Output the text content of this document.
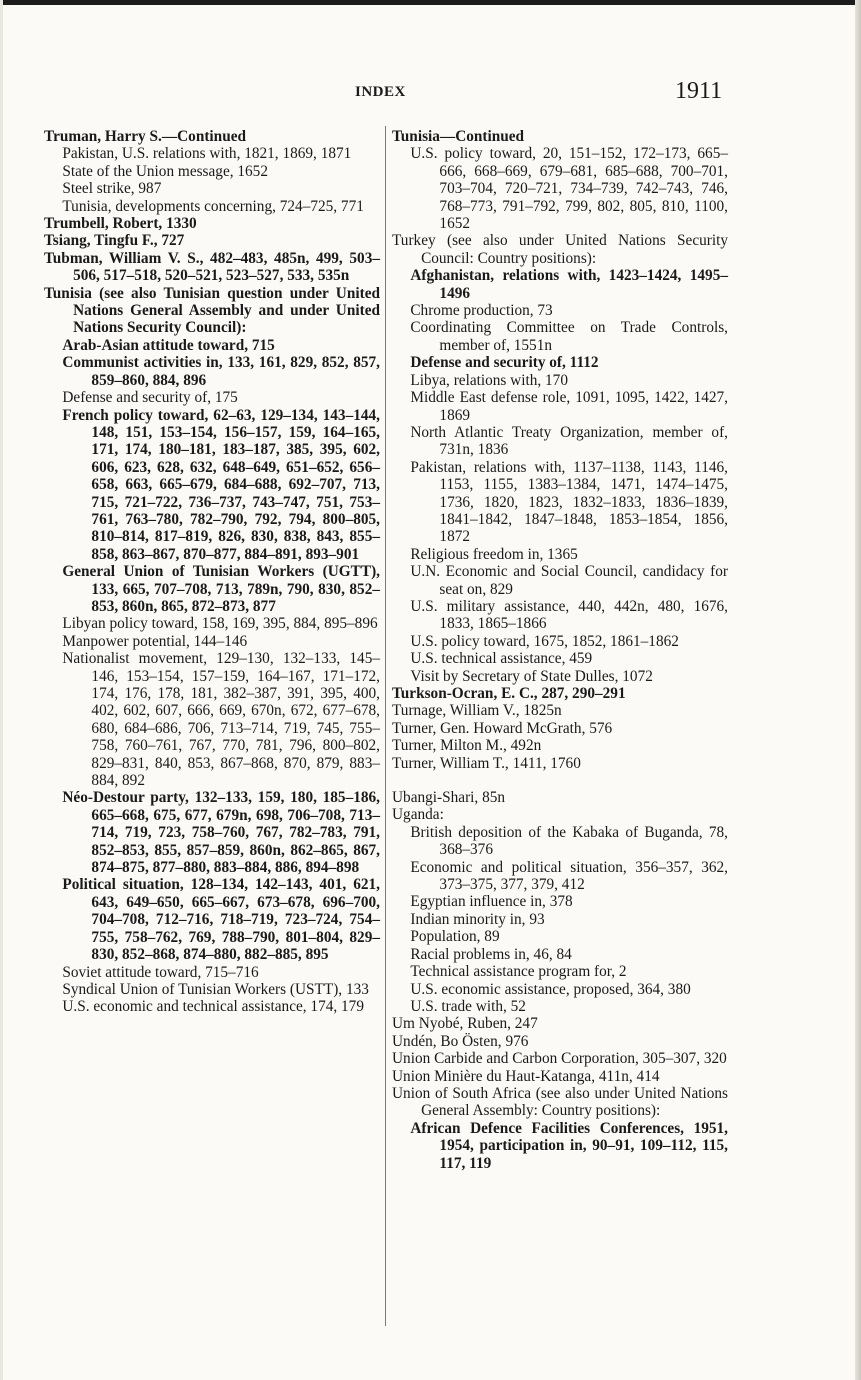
INDEX	1911

Truman, Harry S.—Continued

Pakistan, U.S. relations with, 1821, 1869, 1871

State of the Union message, 1652

Steel strike, 987

Tunisia, developments concerning, 724–725, 771

Trumbell, Robert, 1330

Tsiang, Tingfu F., 727

Tubman, William V. S., 482–483, 485n, 499, 503–506, 517–518, 520–521, 523–527, 533, 535n

Tunisia (see also Tunisian question under United Nations General Assembly and under United Nations Security Council):

Arab-Asian attitude toward, 715

Communist activities in, 133, 161, 829, 852, 857, 859–860, 884, 896

Defense and security of, 175

French policy toward, 62–63, 129–134, 143–144, 148, 151, 153–154, 156–157, 159, 164–165, 171, 174, 180–181, 183–187, 385, 395, 602, 606, 623, 628, 632, 648–649, 651–652, 656–658, 663, 665–679, 684–688, 692–707, 713, 715, 721–722, 736–737, 743–747, 751, 753–761, 763–780, 782–790, 792, 794, 800–805, 810–814, 817–819, 826, 830, 838, 843, 855–858, 863–867, 870–877, 884–891, 893–901

General Union of Tunisian Workers (UGTT), 133, 665, 707–708, 713, 789n, 790, 830, 852–853, 860n, 865, 872–873, 877

Libyan policy toward, 158, 169, 395, 884, 895–896

Manpower potential, 144–146

Nationalist movement, 129–130, 132–133, 145–146, 153–154, 157–159, 164–167, 171–172, 174, 176, 178, 181, 382–387, 391, 395, 400, 402, 602, 607, 666, 669, 670n, 672, 677–678, 680, 684–686, 706, 713–714, 719, 745, 755–758, 760–761, 767, 770, 781, 796, 800–802, 829–831, 840, 853, 867–868, 870, 879, 883–884, 892

Néo-Destour party, 132–133, 159, 180, 185–186, 665–668, 675, 677, 679n, 698, 706–708, 713–714, 719, 723, 758–760, 767, 782–783, 791, 852–853, 855, 857–859, 860n, 862–865, 867, 874–875, 877–880, 883–884, 886, 894–898

Political situation, 128–134, 142–143, 401, 621, 643, 649–650, 665–667, 673–678, 696–700, 704–708, 712–716, 718–719, 723–724, 754–755, 758–762, 769, 788–790, 801–804, 829–830, 852–868, 874–880, 882–885, 895

Soviet attitude toward, 715–716

Syndical Union of Tunisian Workers (USTT), 133

U.S. economic and technical assistance, 174, 179

Tunisia—Continued

U.S. policy toward, 20, 151–152, 172–173, 665–666, 668–669, 679–681, 685–688, 700–701, 703–704, 720–721, 734–739, 742–743, 746, 768–773, 791–792, 799, 802, 805, 810, 1100, 1652

Turkey (see also under United Nations Security Council: Country positions):

Afghanistan, relations with, 1423–1424, 1495–1496

Chrome production, 73

Coordinating Committee on Trade Controls, member of, 1551n

Defense and security of, 1112

Libya, relations with, 170

Middle East defense role, 1091, 1095, 1422, 1427, 1869

North Atlantic Treaty Organization, member of, 731n, 1836

Pakistan, relations with, 1137–1138, 1143, 1146, 1153, 1155, 1383–1384, 1471, 1474–1475, 1736, 1820, 1823, 1832–1833, 1836–1839, 1841–1842, 1847–1848, 1853–1854, 1856, 1872

Religious freedom in, 1365

U.N. Economic and Social Council, candidacy for seat on, 829

U.S. military assistance, 440, 442n, 480, 1676, 1833, 1865–1866

U.S. policy toward, 1675, 1852, 1861–1862

U.S. technical assistance, 459

Visit by Secretary of State Dulles, 1072

Turkson-Ocran, E. C., 287, 290–291

Turnage, William V., 1825n

Turner, Gen. Howard McGrath, 576

Turner, Milton M., 492n

Turner, William T., 1411, 1760

Ubangi-Shari, 85n

Uganda:

British deposition of the Kabaka of Buganda, 78, 368–376

Economic and political situation, 356–357, 362, 373–375, 377, 379, 412

Egyptian influence in, 378

Indian minority in, 93

Population, 89

Racial problems in, 46, 84

Technical assistance program for, 2

U.S. economic assistance, proposed, 364, 380

U.S. trade with, 52

Um Nyobé, Ruben, 247

Undén, Bo Östen, 976

Union Carbide and Carbon Corporation, 305–307, 320

Union Minière du Haut-Katanga, 411n, 414

Union of South Africa (see also under United Nations General Assembly: Country positions):

African Defence Facilities Conferences, 1951, 1954, participation in, 90–91, 109–112, 115, 117, 119
